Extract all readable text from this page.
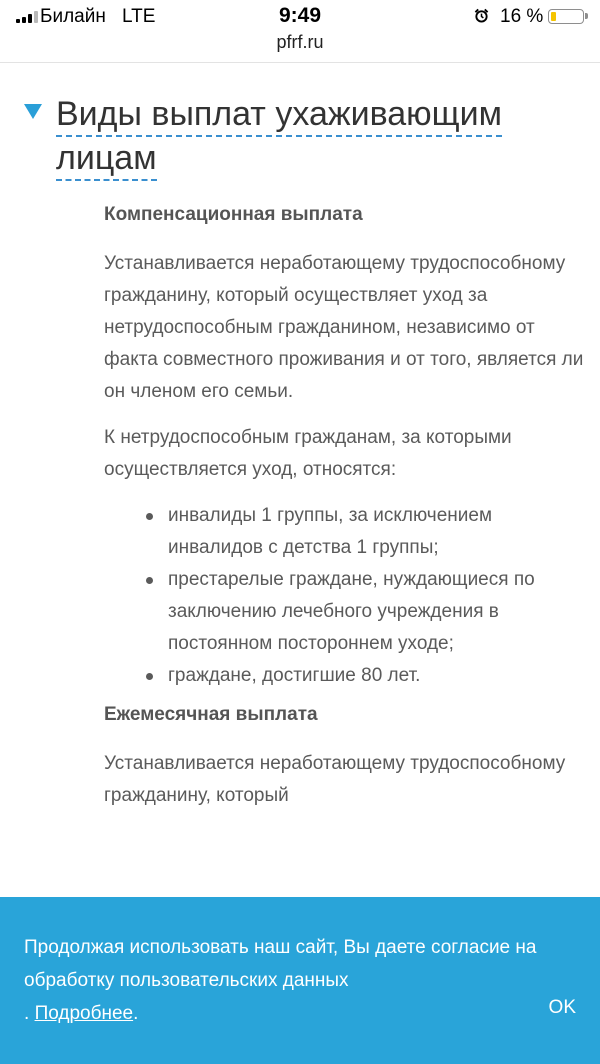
Билайн LTE	9:49	16 %
pfrf.ru
Виды выплат ухаживающим лицам

Компенсационная выплата

Устанавливается неработающему трудоспособному гражданину, который осуществляет уход за нетрудоспособным гражданином, независимо от факта совместного проживания и от того, является ли он членом его семьи.

К нетрудоспособным гражданам, за которыми осуществляется уход, относятся:

инвалиды 1 группы, за исключением инвалидов с детства 1 группы;
престарелые граждане, нуждающиеся по заключению лечебного учреждения в постоянном постороннем уходе;
граждане, достигшие 80 лет.

Ежемесячная выплата

Устанавливается неработающему трудоспособному гражданину, который

Продолжая использовать наш сайт, Вы даете согласие на обработку пользовательских данных
. Подробнее.	OK
